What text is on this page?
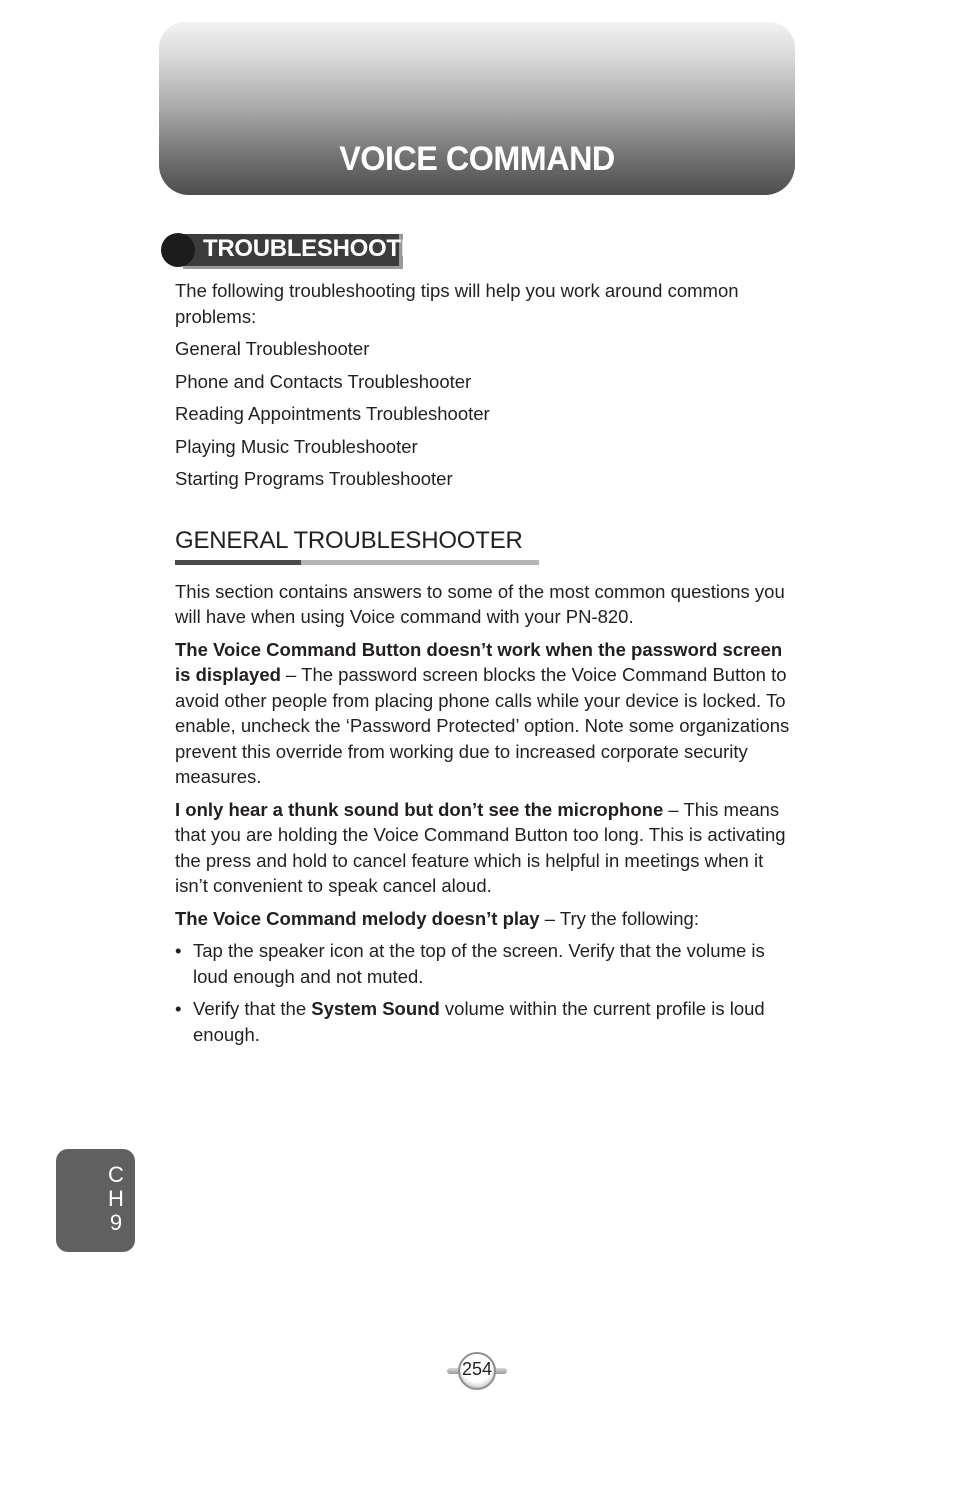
VOICE COMMAND
TROUBLESHOOTING

The following troubleshooting tips will help you work around common problems:

General Troubleshooter
Phone and Contacts Troubleshooter
Reading Appointments Troubleshooter
Playing Music Troubleshooter
Starting Programs Troubleshooter
GENERAL TROUBLESHOOTER

This section contains answers to some of the most common questions you will have when using Voice command with your PN-820.

The Voice Command Button doesn’t work when the password screen is displayed – The password screen blocks the Voice Command Button to avoid other people from placing phone calls while your device is locked. To enable, uncheck the ‘Password Protected’ option. Note some organizations prevent this override from working due to increased corporate security measures.

I only hear a thunk sound but don’t see the microphone – This means that you are holding the Voice Command Button too long. This is activating the press and hold to cancel feature which is helpful in meetings when it isn’t convenient to speak cancel aloud.

The Voice Command melody doesn’t play – Try the following:

• Tap the speaker icon at the top of the screen. Verify that the volume is loud enough and not muted.
• Verify that the System Sound volume within the current profile is loud enough.
C
H
9
254
